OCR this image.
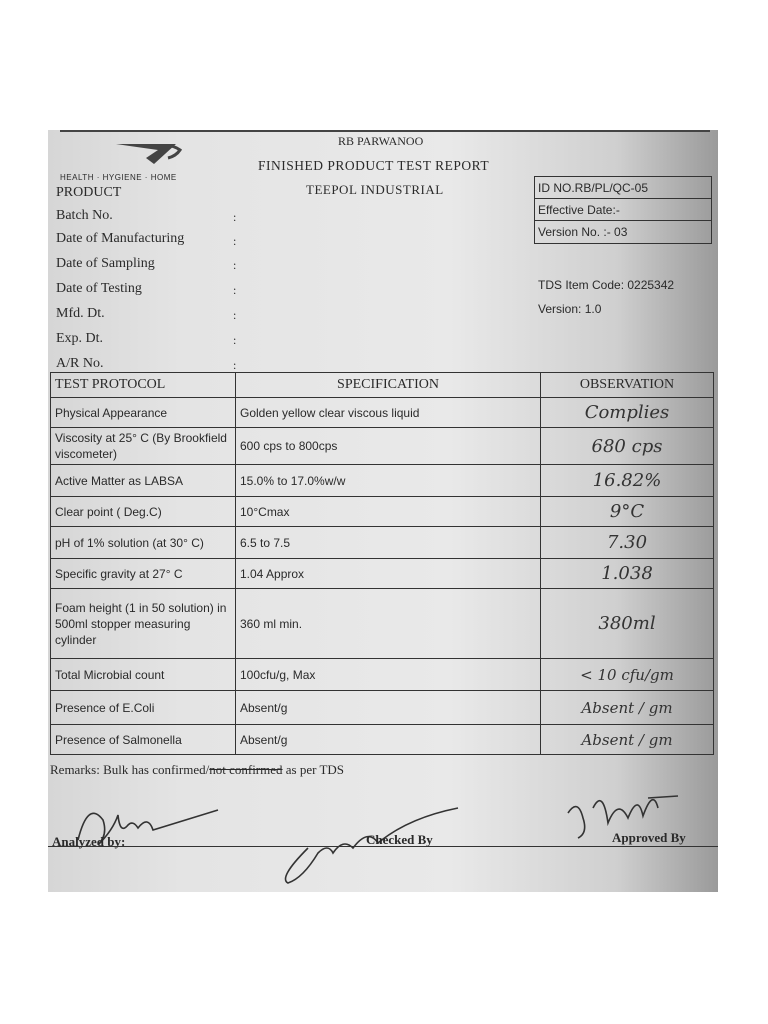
HEALTH · HYGIENE · HOME
RB PARWANOO
FINISHED PRODUCT TEST REPORT
TEEPOL INDUSTRIAL
PRODUCT
Batch No.
Date of Manufacturing
Date of Sampling
Date of Testing
Mfd. Dt.
Exp. Dt.
A/R No.
:
:
:
:
:
:
:
ID NO.RB/PL/QC-05
Effective Date:-
Version No. :- 03
TDS Item Code: 0225342
Version: 1.0
TEST PROTOCOL	SPECIFICATION	OBSERVATION
Physical Appearance	Golden yellow clear viscous liquid	Complies
Viscosity at 25° C (By Brookfield viscometer)	600 cps to 800cps	680 cps
Active Matter as LABSA	15.0% to 17.0%w/w	16.82%
Clear point ( Deg.C)	10°Cmax	9°C
pH of 1% solution (at 30° C)	6.5 to 7.5	7.30
Specific gravity at 27° C	1.04 Approx	1.038
Foam height (1 in 50 solution) in 500ml stopper measuring cylinder	360 ml min.	380ml
Total Microbial count	100cfu/g, Max	< 10 cfu/gm
Presence of E.Coli	Absent/g	Absent / gm
Presence of Salmonella	Absent/g	Absent / gm
Remarks: Bulk has confirmed/not confirmed as per TDS
Analyzed by:	Checked By	Approved By
